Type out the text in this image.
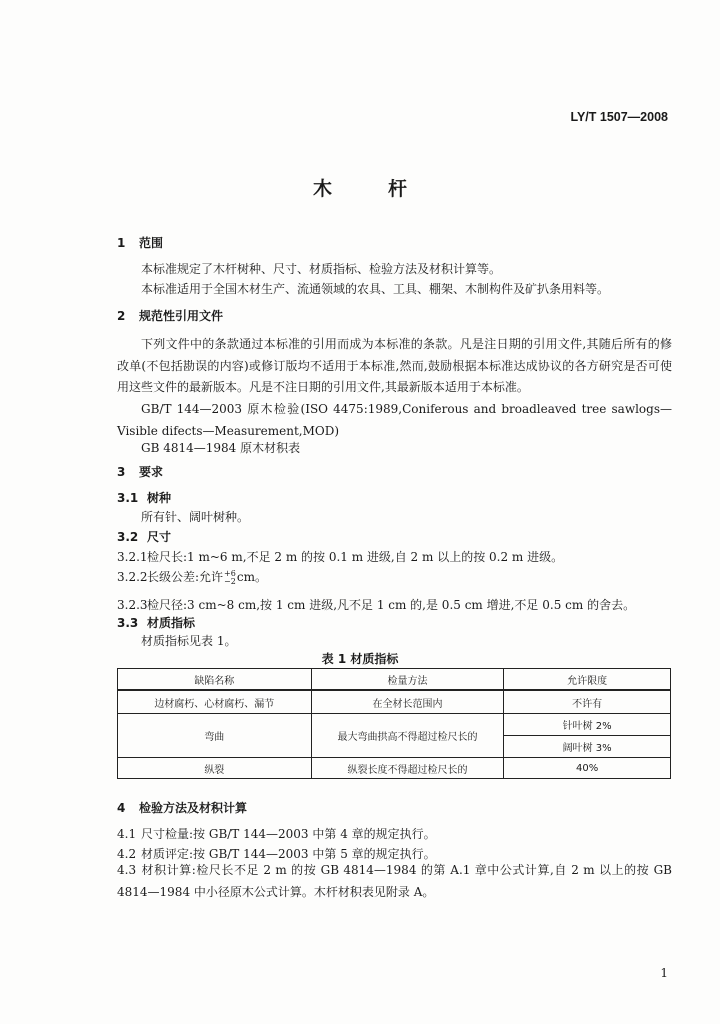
LY/T 1507—2008
木杆
1 范围
本标准规定了木杆树种、尺寸、材质指标、检验方法及材积计算等。
本标准适用于全国木材生产、流通领域的农具、工具、棚架、木制构件及矿扒条用料等。
2 规范性引用文件
下列文件中的条款通过本标准的引用而成为本标准的条款。凡是注日期的引用文件,其随后所有的修改单(不包括勘误的内容)或修订版均不适用于本标准,然而,鼓励根据本标准达成协议的各方研究是否可使用这些文件的最新版本。凡是不注日期的引用文件,其最新版本适用于本标准。
GB/T 144—2003 原木检验(ISO 4475:1989,Coniferous and broadleaved tree sawlogs—Visible difects—Measurement,MOD)
GB 4814—1984 原木材积表
3 要求
3.1 树种
所有针、阔叶树种。
3.2 尺寸
3.2.1检尺长:1 m~6 m,不足 2 m 的按 0.1 m 进级,自 2 m 以上的按 0.2 m 进级。
3.2.2长级公差:允许 +6
−2 cm。
3.2.3检尺径:3 cm~8 cm,按 1 cm 进级,凡不足 1 cm 的,是 0.5 cm 增进,不足 0.5 cm 的舍去。
3.3 材质指标
材质指标见表 1。
表 1 材质指标
缺陷名称	检量方法	允许限度
边材腐朽、心材腐朽、漏节	在全材长范围内	不许有
弯曲	最大弯曲拱高不得超过检尺长的	针叶树 2%
		阔叶树 3%
纵裂	纵裂长度不得超过检尺长的	40%
4 检验方法及材积计算
4.1 尺寸检量:按 GB/T 144—2003 中第 4 章的规定执行。
4.2 材质评定:按 GB/T 144—2003 中第 5 章的规定执行。
4.3 材积计算:检尺长不足 2 m 的按 GB 4814—1984 的第 A.1 章中公式计算,自 2 m 以上的按 GB 4814—1984 中小径原木公式计算。木杆材积表见附录 A。
1
